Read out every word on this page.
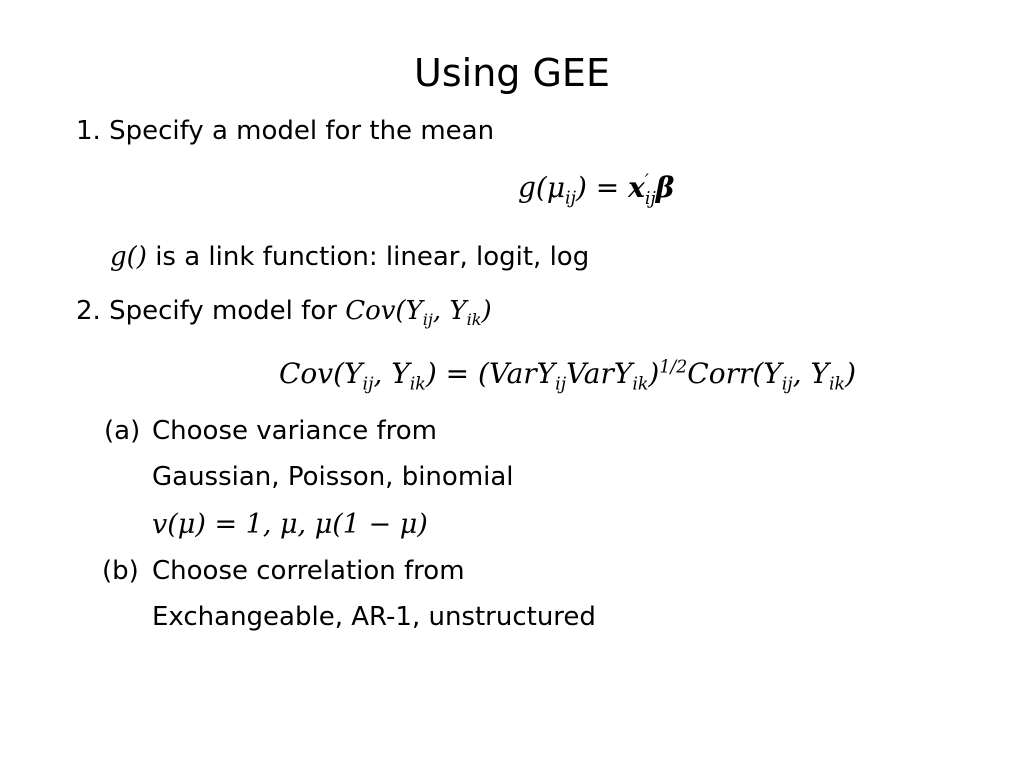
Using GEE
1. Specify a model for the mean
$g(\mu_{ij}) = x'_{ij}\beta$
g() is a link function: linear, logit, log
2. Specify model for $Cov(Y_{ij}$, $Y_{ik}$)
$Cov(Y_{ij}$, $Y_{ik}$) = $(VarY_{ij}VarY_{ik})^{1/2}Corr(Y_{ij}$, $Y_{ik}$)
(a) Choose variance from
Gaussian, Poisson, binomial
v(μ) = 1, μ, μ(1 − μ)
(b) Choose correlation from
Exchangeable, AR-1, unstructured
